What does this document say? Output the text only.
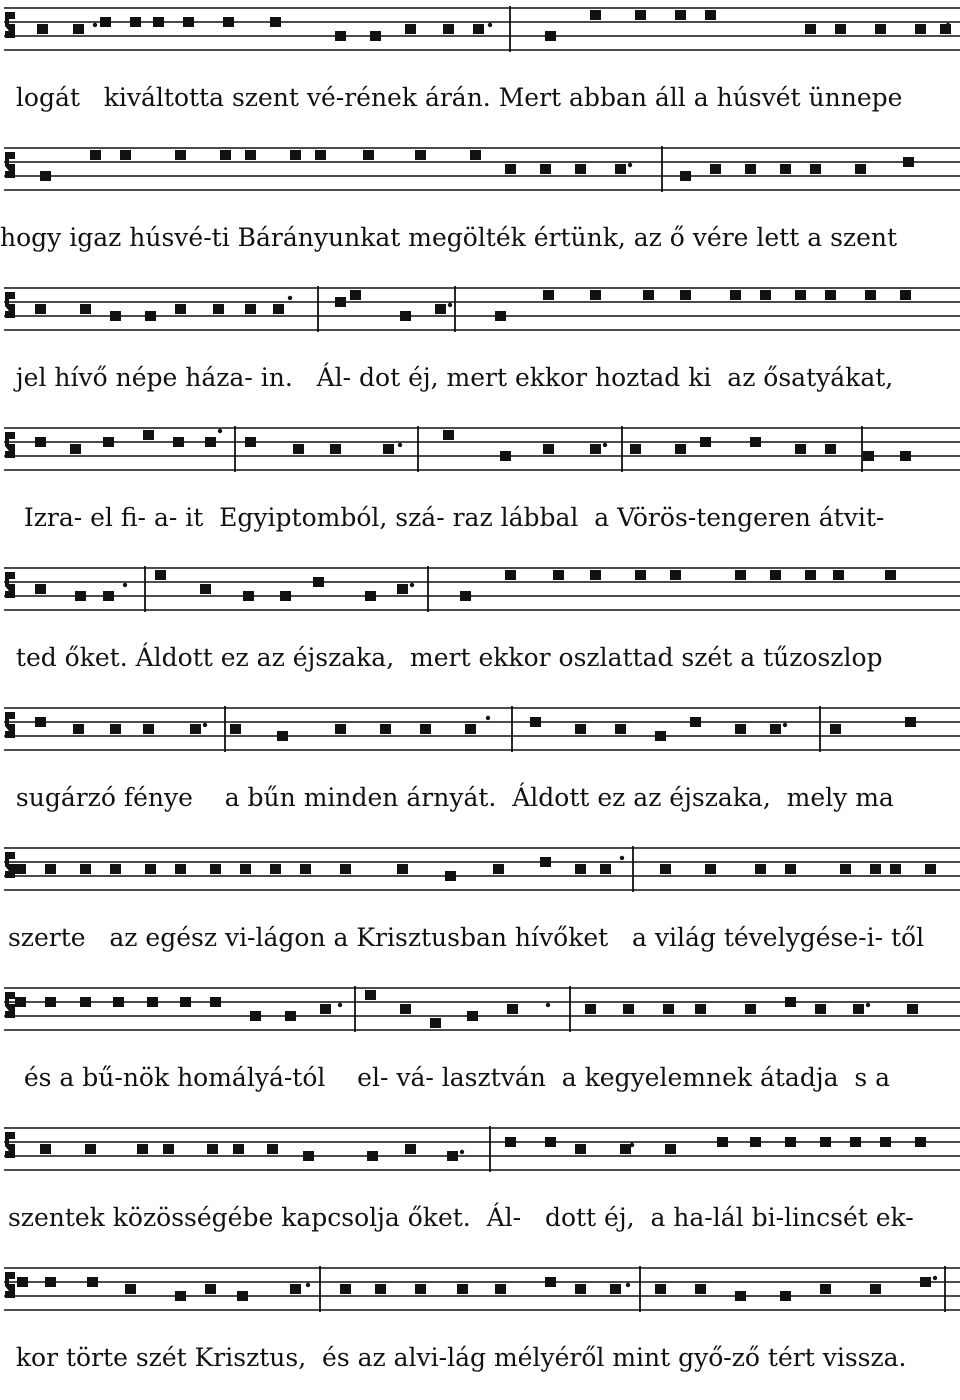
logát   kiváltotta szent vé-rének árán. Mert abban áll a húsvét ünnepe
hogy igaz húsvé-ti Bárányunkat megölték értünk, az ő vére lett a szent
jel hívő népe háza- in.   Ál- dot éj, mert ekkor hoztad ki  az ősatyákat,
Izra- el fi- a- it  Egyiptomból, szá- raz lábbal  a Vörös-tengeren átvit-
ted őket. Áldott ez az éjszaka,  mert ekkor oszlattad szét a tűzoszlop
sugárzó fénye    a bűn minden árnyát.  Áldott ez az éjszaka,  mely ma
szerte   az egész vi-lágon a Krisztusban hívőket   a világ tévelygése-i- től
és a bű-nök homályá-tól    el- vá- lasztván  a kegyelemnek átadja  s a
szentek közösségébe kapcsolja őket.  Ál-   dott éj,  a ha-lál bi-lincsét ek-
kor törte szét Krisztus,  és az alvi-lág mélyéről mint győ-ző tért vissza.
